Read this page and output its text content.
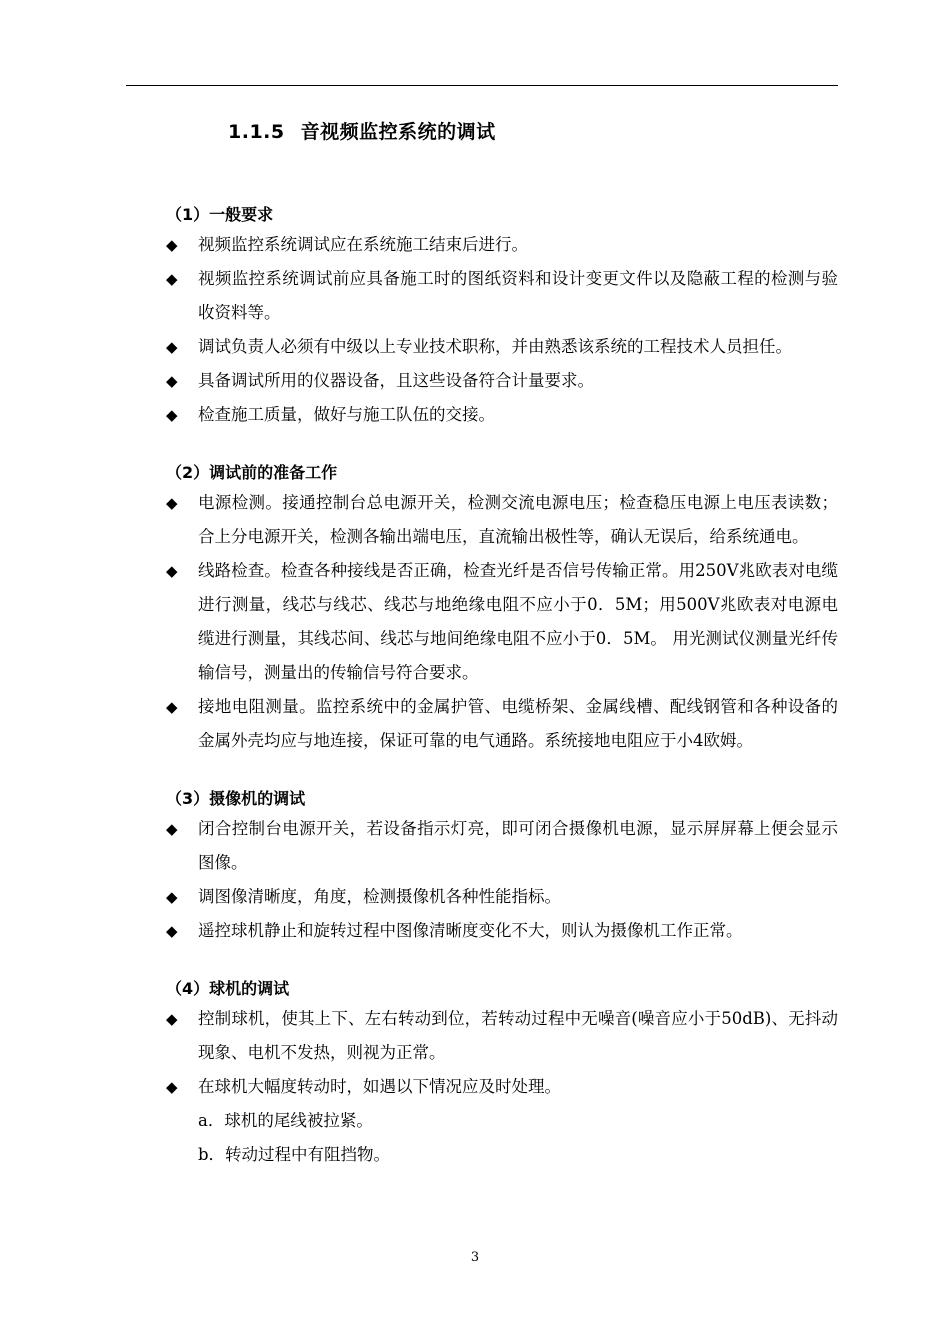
1.1.5 音视频监控系统的调试
（1）一般要求
◆ 视频监控系统调试应在系统施工结束后进行。
◆ 视频监控系统调试前应具备施工时的图纸资料和设计变更文件以及隐蔽工程的检测与验收资料等。
◆ 调试负责人必须有中级以上专业技术职称，并由熟悉该系统的工程技术人员担任。
◆ 具备调试所用的仪器设备，且这些设备符合计量要求。
◆ 检查施工质量，做好与施工队伍的交接。
（2）调试前的准备工作
◆ 电源检测。接通控制台总电源开关，检测交流电源电压；检查稳压电源上电压表读数；合上分电源开关，检测各输出端电压，直流输出极性等，确认无误后，给系统通电。
◆ 线路检查。检查各种接线是否正确，检查光纤是否信号传输正常。用250V兆欧表对电缆进行测量，线芯与线芯、线芯与地绝缘电阻不应小于0．5M；用500V兆欧表对电源电缆进行测量，其线芯间、线芯与地间绝缘电阻不应小于0．5M。 用光测试仪测量光纤传输信号，测量出的传输信号符合要求。
◆ 接地电阻测量。监控系统中的金属护管、电缆桥架、金属线槽、配线钢管和各种设备的金属外壳均应与地连接，保证可靠的电气通路。系统接地电阻应于小4欧姆。
（3）摄像机的调试
◆ 闭合控制台电源开关，若设备指示灯亮，即可闭合摄像机电源，显示屏屏幕上便会显示图像。
◆ 调图像清晰度，角度，检测摄像机各种性能指标。
◆ 遥控球机静止和旋转过程中图像清晰度变化不大，则认为摄像机工作正常。
（4）球机的调试
◆ 控制球机，使其上下、左右转动到位，若转动过程中无噪音(噪音应小于50dB)、无抖动现象、电机不发热，则视为正常。
◆ 在球机大幅度转动时，如遇以下情况应及时处理。
a．球机的尾线被拉紧。
b．转动过程中有阻挡物。
3
